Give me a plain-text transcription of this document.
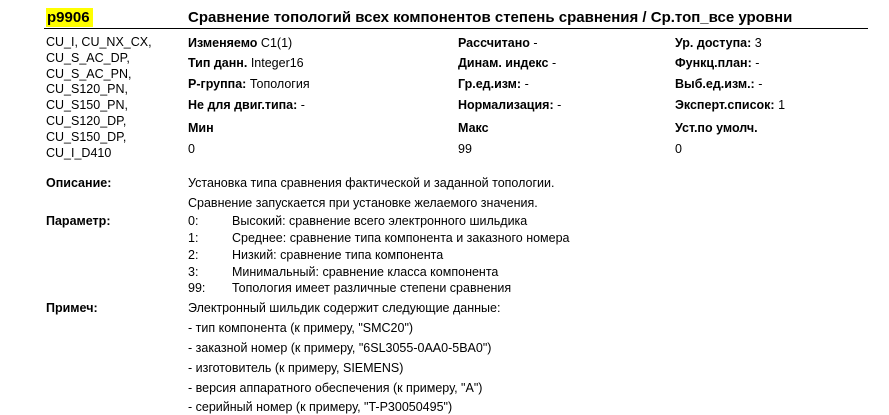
p9906	Сравнение топологий всех компонентов степень сравнения / Ср.топ_все уровни
CU_I, CU_NX_CX,
CU_S_AC_DP,
CU_S_AC_PN,
CU_S120_PN,
CU_S150_PN,
CU_S120_DP,
CU_S150_DP,
CU_I_D410
Изменяемо C1(1)	Рассчитано -	Ур. доступа: 3
Тип данн. Integer16	Динам. индекс -	Функц.план: -
Р-группа: Топология	Гр.ед.изм: -	Выб.ед.изм.: -
Не для двиг.типа: -	Нормализация: -	Эксперт.список: 1
Мин	Макс	Уст.по умолч.
0	99	0
Описание:	Установка типа сравнения фактической и заданной топологии.
Сравнение запускается при установке желаемого значения.
Параметр:	0:	Высокий: сравнение всего электронного шильдика
1:	Среднее: сравнение типа компонента и заказного номера
2:	Низкий: сравнение типа компонента
3:	Минимальный: сравнение класса компонента
99: Топология имеет различные степени сравнения
Примеч:	Электронный шильдик содержит следующие данные:
- тип компонента (к примеру, "SMC20")
- заказной номер (к примеру, "6SL3055-0AA0-5BA0")
- изготовитель (к примеру, SIEMENS)
- версия аппаратного обеспечения (к примеру, "A")
- серийный номер (к примеру, "T-P30050495")
